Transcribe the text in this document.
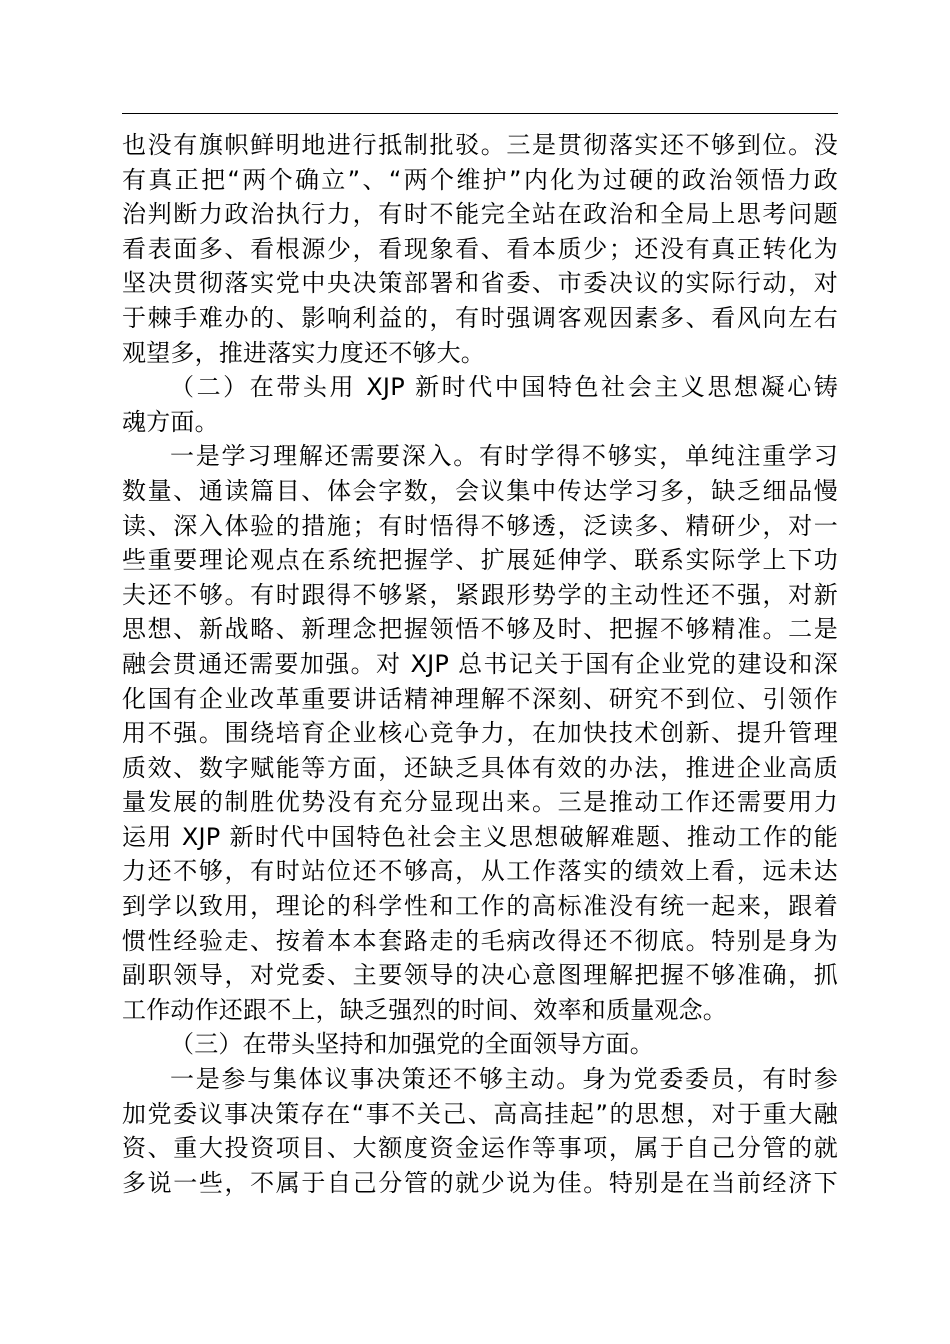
也没有旗帜鲜明地进行抵制批驳。三是贯彻落实还不够到位。没
有真正把“两个确立”、“两个维护”内化为过硬的政治领悟力政
治判断力政治执行力，有时不能完全站在政治和全局上思考问题
看表面多、看根源少，看现象看、看本质少；还没有真正转化为
坚决贯彻落实党中央决策部署和省委、市委决议的实际行动，对
于棘手难办的、影响利益的，有时强调客观因素多、看风向左右
观望多，推进落实力度还不够大。
（二）在带头用 XJP 新时代中国特色社会主义思想凝心铸
魂方面。
一是学习理解还需要深入。有时学得不够实，单纯注重学习
数量、通读篇目、体会字数，会议集中传达学习多，缺乏细品慢
读、深入体验的措施；有时悟得不够透，泛读多、精研少，对一
些重要理论观点在系统把握学、扩展延伸学、联系实际学上下功
夫还不够。有时跟得不够紧，紧跟形势学的主动性还不强，对新
思想、新战略、新理念把握领悟不够及时、把握不够精准。二是
融会贯通还需要加强。对 XJP 总书记关于国有企业党的建设和深
化国有企业改革重要讲话精神理解不深刻、研究不到位、引领作
用不强。围绕培育企业核心竞争力，在加快技术创新、提升管理
质效、数字赋能等方面，还缺乏具体有效的办法，推进企业高质
量发展的制胜优势没有充分显现出来。三是推动工作还需要用力
运用 XJP 新时代中国特色社会主义思想破解难题、推动工作的能
力还不够，有时站位还不够高，从工作落实的绩效上看，远未达
到学以致用，理论的科学性和工作的高标准没有统一起来，跟着
惯性经验走、按着本本套路走的毛病改得还不彻底。特别是身为
副职领导，对党委、主要领导的决心意图理解把握不够准确，抓
工作动作还跟不上，缺乏强烈的时间、效率和质量观念。
（三）在带头坚持和加强党的全面领导方面。
一是参与集体议事决策还不够主动。身为党委委员，有时参
加党委议事决策存在“事不关己、高高挂起”的思想，对于重大融
资、重大投资项目、大额度资金运作等事项，属于自己分管的就
多说一些，不属于自己分管的就少说为佳。特别是在当前经济下
